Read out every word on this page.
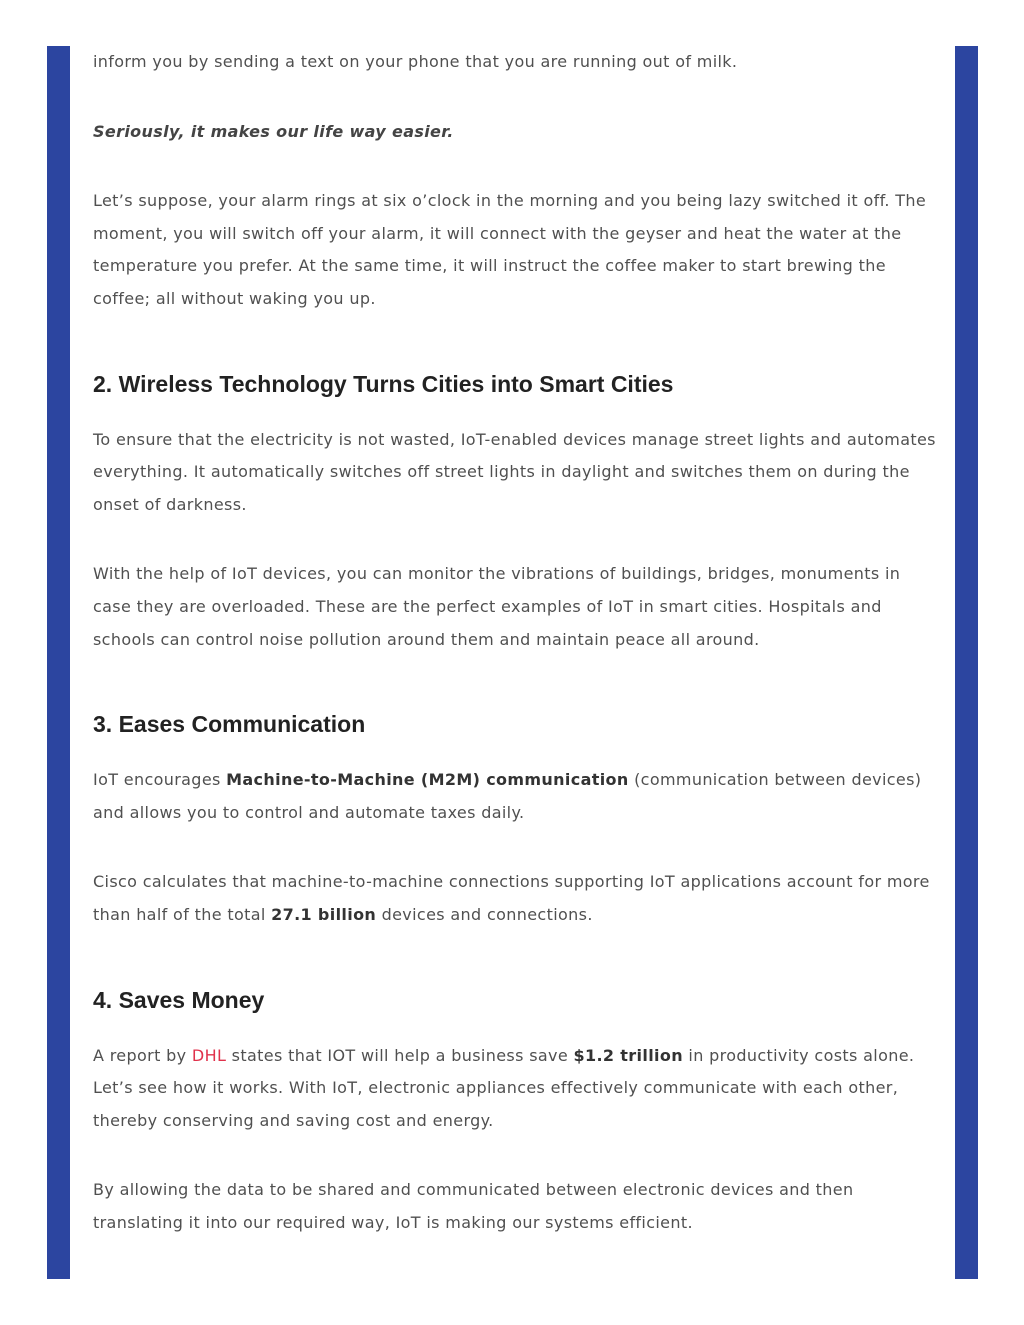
inform you by sending a text on your phone that you are running out of milk.

Seriously, it makes our life way easier.

Let’s suppose, your alarm rings at six o’clock in the morning and you being lazy switched it off. The moment, you will switch off your alarm, it will connect with the geyser and heat the water at the temperature you prefer. At the same time, it will instruct the coffee maker to start brewing the coffee; all without waking you up.

2. Wireless Technology Turns Cities into Smart Cities

To ensure that the electricity is not wasted, IoT-enabled devices manage street lights and automates everything. It automatically switches off street lights in daylight and switches them on during the onset of darkness.

With the help of IoT devices, you can monitor the vibrations of buildings, bridges, monuments in case they are overloaded. These are the perfect examples of IoT in smart cities. Hospitals and schools can control noise pollution around them and maintain peace all around.

3. Eases Communication

IoT encourages Machine-to-Machine (M2M) communication (communication between devices) and allows you to control and automate taxes daily.

Cisco calculates that machine-to-machine connections supporting IoT applications account for more than half of the total 27.1 billion devices and connections.

4. Saves Money

A report by DHL states that IOT will help a business save $1.2 trillion in productivity costs alone. Let’s see how it works. With IoT, electronic appliances effectively communicate with each other, thereby conserving and saving cost and energy.

By allowing the data to be shared and communicated between electronic devices and then translating it into our required way, IoT is making our systems efficient.
